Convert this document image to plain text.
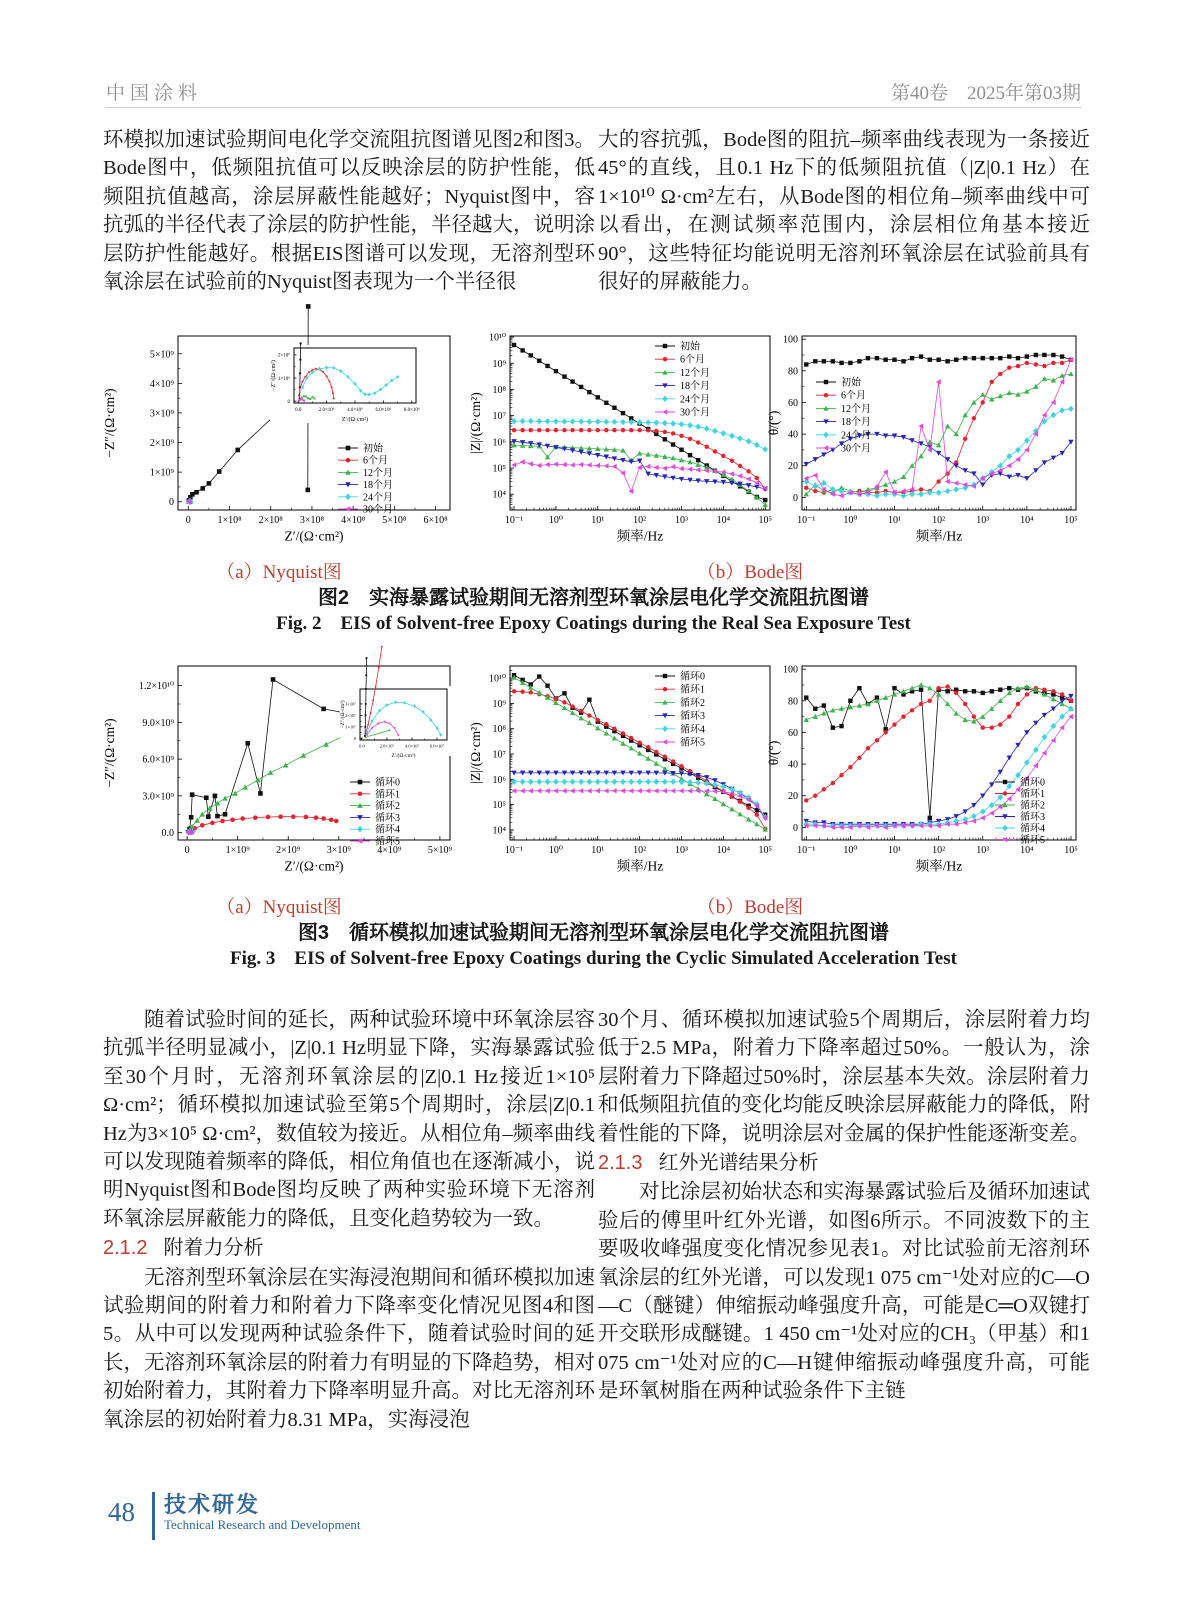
中国涂料	第40卷　2025年第03期

环模拟加速试验期间电化学交流阻抗图谱见图2和图3。Bode图中，低频阻抗值可以反映涂层的防护性能，低频阻抗值越高，涂层屏蔽性能越好；Nyquist图中，容抗弧的半径代表了涂层的防护性能，半径越大，说明涂层防护性能越好。根据EIS图谱可以发现，无溶剂型环氧涂层在试验前的Nyquist图表现为一个半径很

大的容抗弧，Bode图的阻抗–频率曲线表现为一条接近45°的直线，且0.1 Hz下的低频阻抗值（|Z|0.1 Hz）在1×10¹⁰ Ω·cm²左右，从Bode图的相位角–频率曲线中可以看出，在测试频率范围内，涂层相位角基本接近90°，这些特征均能说明无溶剂环氧涂层在试验前具有很好的屏蔽能力。

0	1×10⁸ 2×10⁸ 3×10⁸ 4×10⁸ 5×10⁸ 6×10⁸
0
1×10⁹
2×10⁹
3×10⁹
4×10⁹
5×10⁹
Z′/(Ω·cm²)
−Z″/(Ω·cm²)	初始
6个月
12个月
18个月
24个月
30个月
0.0	2.0×10⁶	4.0×10⁶	6.0×10⁶	8.0×10⁶
0
1×10⁶
2×10⁶
Z′/(Ω·cm²)
−Z″/(Ω·cm²)
10⁻¹	10⁰	10¹	10²	10³	10⁴	10⁵
10⁴
10⁵
10⁶
10⁷
10⁸
10⁹
10¹⁰
频率/Hz
|Z|/(Ω·cm²)
初始
6个月
12个月
18个月
24个月
30个月
10⁻¹	10⁰	10¹	10²	10³	10⁴	10⁵
0
20
40
60
80
100
频率/Hz
θ/(°)
初始
6个月
12个月
18个月
24个月
30个月
（a）Nyquist图	（b）Bode图
图2　实海暴露试验期间无溶剂型环氧涂层电化学交流阻抗图谱
Fig. 2　EIS of Solvent-free Epoxy Coatings during the Real Sea Exposure Test
0	1×10⁹	2×10⁹	3×10⁹	4×10⁹	5×10⁹
0.0
3.0×10⁹
6.0×10⁹
9.0×10⁹
1.2×10¹⁰
Z′/(Ω·cm²)
−Z″/(Ω·cm²)	循环0
循环1
循环2
循环3
循环4
循环5
0.0	2.0×10⁷ 4.0×10⁷ 6.0×10⁷
0
1×10⁷
2×10⁷
3×10⁷
Z′/(Ω·cm²)
−Z″/(Ω·cm²)
10⁻¹	10⁰	10¹	10²	10³	10⁴	10⁵
10⁴
10⁵
10⁶
10⁷
10⁸
10⁹
10¹⁰
频率/Hz
|Z|/(Ω·cm²)
循环0
循环1
循环2
循环3
循环4
循环5
10⁻¹	10⁰	10¹	10²	10³	10⁴	10⁵
0
20
40
60
80
100
频率/Hz
θ/(°)
循环0
循环1
循环2
循环3
循环4
循环5
（a）Nyquist图	（b）Bode图
图3　循环模拟加速试验期间无溶剂型环氧涂层电化学交流阻抗图谱
Fig. 3　EIS of Solvent-free Epoxy Coatings during the Cyclic Simulated Acceleration Test

随着试验时间的延长，两种试验环境中环氧涂层容抗弧半径明显减小，|Z|0.1 Hz明显下降，实海暴露试验至30个月时，无溶剂环氧涂层的|Z|0.1 Hz接近1×10⁵ Ω·cm²；循环模拟加速试验至第5个周期时，涂层|Z|0.1 Hz为3×10⁵ Ω·cm²，数值较为接近。从相位角–频率曲线可以发现随着频率的降低，相位角值也在逐渐减小，说明Nyquist图和Bode图均反映了两种实验环境下无溶剂环氧涂层屏蔽能力的降低，且变化趋势较为一致。

2.1.2 附着力分析

无溶剂型环氧涂层在实海浸泡期间和循环模拟加速试验期间的附着力和附着力下降率变化情况见图4和图5。从中可以发现两种试验条件下，随着试验时间的延长，无溶剂环氧涂层的附着力有明显的下降趋势，相对初始附着力，其附着力下降率明显升高。对比无溶剂环氧涂层的初始附着力8.31 MPa，实海浸泡

30个月、循环模拟加速试验5个周期后，涂层附着力均低于2.5 MPa，附着力下降率超过50%。一般认为，涂层附着力下降超过50%时，涂层基本失效。涂层附着力和低频阻抗值的变化均能反映涂层屏蔽能力的降低，附着性能的下降，说明涂层对金属的保护性能逐渐变差。

2.1.3 红外光谱结果分析

对比涂层初始状态和实海暴露试验后及循环加速试验后的傅里叶红外光谱，如图6所示。不同波数下的主要吸收峰强度变化情况参见表1。对比试验前无溶剂环氧涂层的红外光谱，可以发现1 075 cm⁻¹处对应的C—O—C（醚键）伸缩振动峰强度升高，可能是C═O双键打开交联形成醚键。1 450 cm⁻¹处对应的CH₃（甲基）和1 075 cm⁻¹处对应的C—H键伸缩振动峰强度升高，可能是环氧树脂在两种试验条件下主链

48 技术研发
Technical Research and Development
